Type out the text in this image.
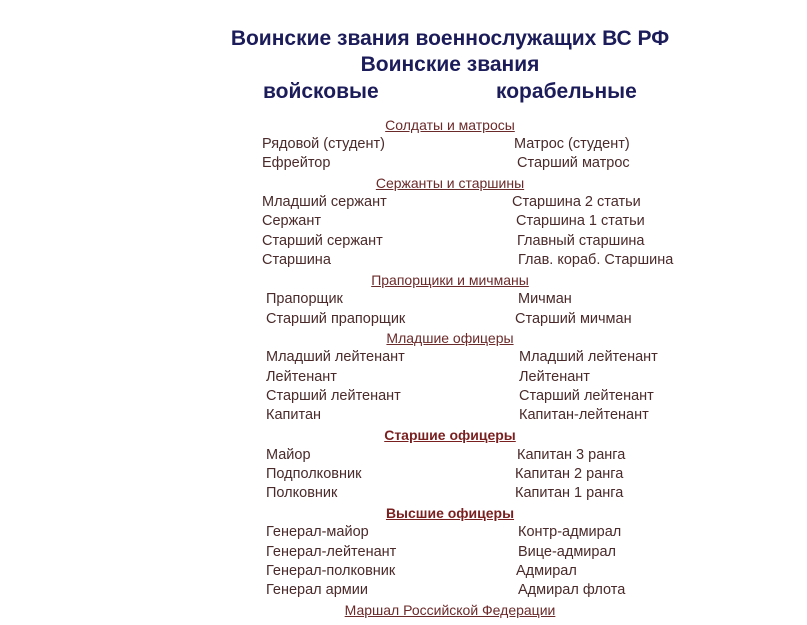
Воинские звания военнослужащих ВС РФ
Воинские звания
войсковые	корабельные
Солдаты и матросы
Рядовой (студент)	Матрос (студент)
Ефрейтор	Старший матрос
Сержанты и старшины
Младший сержант	Старшина 2 статьи
Сержант	Старшина 1 статьи
Старший сержант	Главный старшина
Старшина	Глав. кораб. Старшина
Прапорщики и мичманы
Прапорщик	Мичман
Старший прапорщик	Старший мичман
Младшие офицеры
Младший лейтенант	Младший лейтенант
Лейтенант	Лейтенант
Старший лейтенант	Старший лейтенант
Капитан	Капитан-лейтенант
Старшие офицеры
Майор	Капитан 3 ранга
Подполковник	Капитан 2 ранга
Полковник	Капитан 1 ранга
Высшие офицеры
Генерал-майор	Контр-адмирал
Генерал-лейтенант	Вице-адмирал
Генерал-полковник	Адмирал
Генерал армии	Адмирал флота
Маршал Российской Федерации
